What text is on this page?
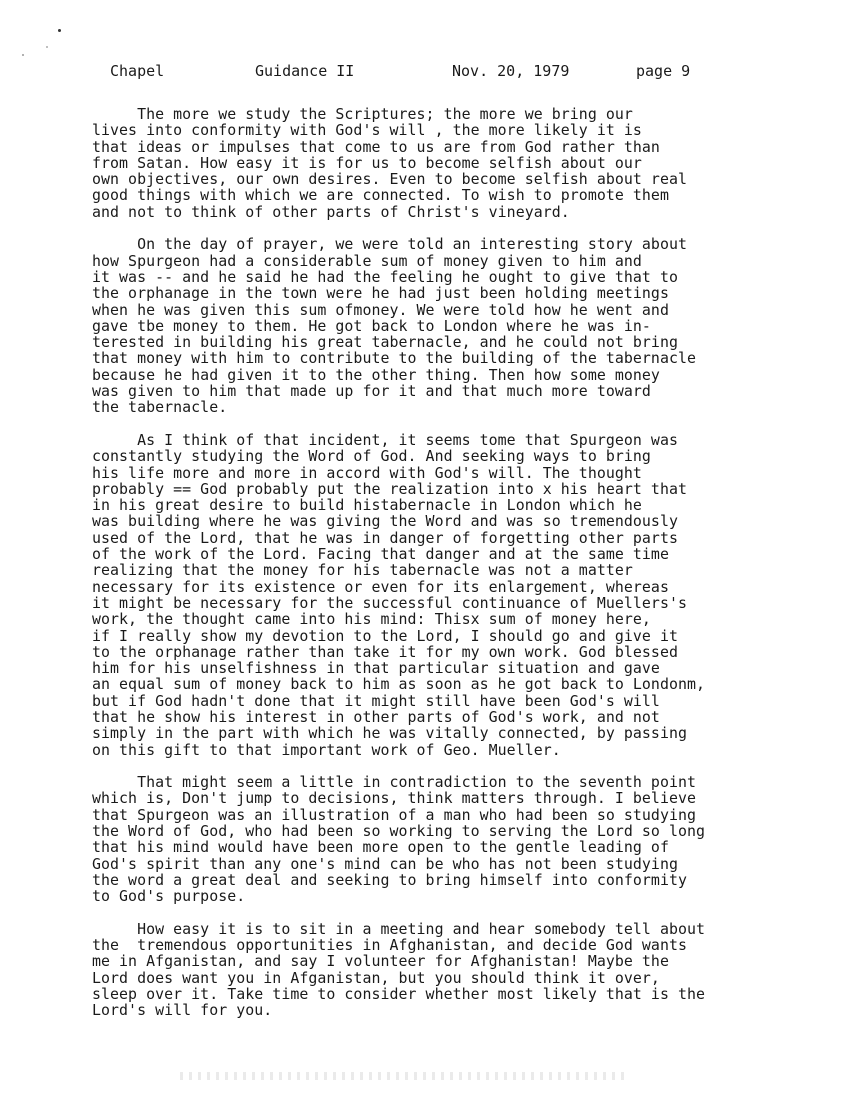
Chapel

	Guidance II

	Nov. 20, 1979

	page 9

The more we study the Scriptures; the more we bring our
lives into conformity with God's will , the more likely it is
that ideas or impulses that come to us are from God rather than
from Satan. How easy it is for us to become selfish about our
own objectives, our own desires. Even to become selfish about real
good things with which we are connected. To wish to promote them
and not to think of other parts of Christ's vineyard.
On the day of prayer, we were told an interesting story about
how Spurgeon had a considerable sum of money given to him and
it was -- and he said he had the feeling he ought to give that to
the orphanage in the town were he had just been holding meetings
when he was given this sum ofmoney. We were told how he went and
gave tbe money to them. He got back to London where he was in-
terested in building his great tabernacle, and he could not bring
that money with him to contribute to the building of the tabernacle
because he had given it to the other thing. Then how some money
was given to him that made up for it and that much more toward
the tabernacle.
As I think of that incident, it seems tome that Spurgeon was
constantly studying the Word of God. And seeking ways to bring
his life more and more in accord with God's will. The thought
probably == God probably put the realization into x his heart that
in his great desire to build histabernacle in London which he
was building where he was giving the Word and was so tremendously
used of the Lord, that he was in danger of forgetting other parts
of the work of the Lord. Facing that danger and at the same time
realizing that the money for his tabernacle was not a matter
necessary for its existence or even for its enlargement, whereas
it might be necessary for the successful continuance of Muellers's
work, the thought came into his mind: Thisx sum of money here,
if I really show my devotion to the Lord, I should go and give it
to the orphanage rather than take it for my own work. God blessed
him for his unselfishness in that particular situation and gave
an equal sum of money back to him as soon as he got back to Londonm,
but if God hadn't done that it might still have been God's will
that he show his interest in other parts of God's work, and not
simply in the part with which he was vitally connected, by passing
on this gift to that important work of Geo. Mueller.
That might seem a little in contradiction to the seventh point
which is, Don't jump to decisions, think matters through. I believe
that Spurgeon was an illustration of a man who had been so studying
the Word of God, who had been so working to serving the Lord so long
that his mind would have been more open to the gentle leading of
God's spirit than any one's mind can be who has not been studying
the word a great deal and seeking to bring himself into conformity
to God's purpose.
How easy it is to sit in a meeting and hear somebody tell about
the  tremendous opportunities in Afghanistan, and decide God wants
me in Afganistan, and say I volunteer for Afghanistan! Maybe the
Lord does want you in Afganistan, but you should think it over,
sleep over it. Take time to consider whether most likely that is the
Lord's will for you.
